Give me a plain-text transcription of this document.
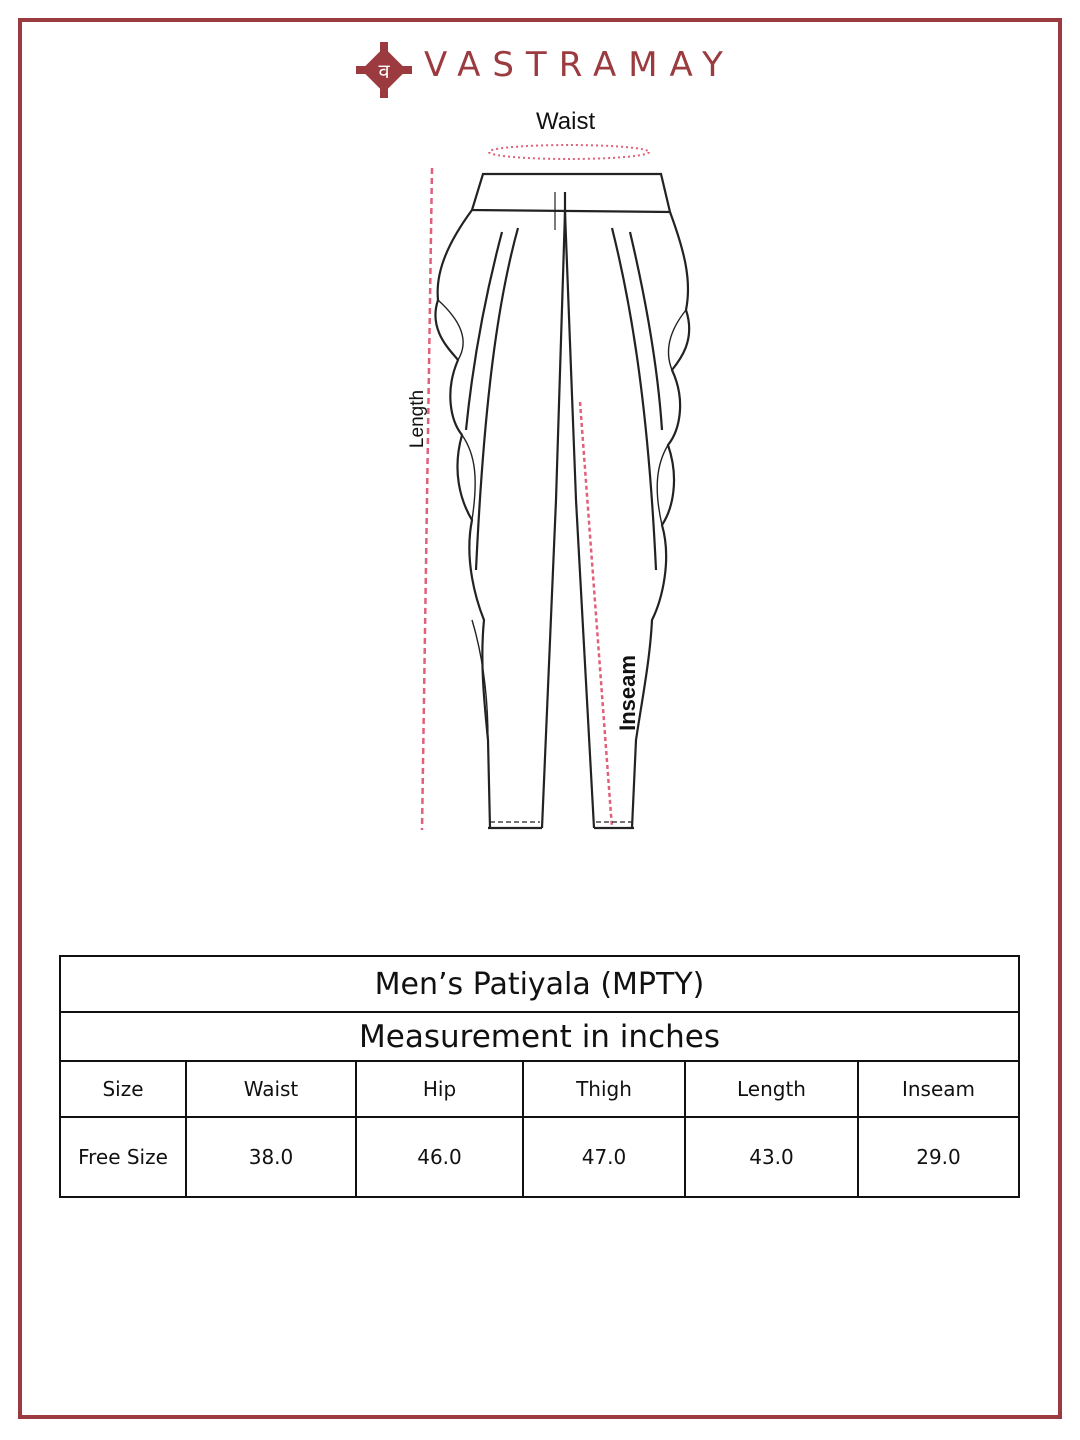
व VASTRAMAY
Waist
Length
Inseam
Men’s Patiyala (MPTY)					
Measurement in inches					
Size	Waist	Hip	Thigh	Length	Inseam
Free Size	38.0	46.0	47.0	43.0	29.0
